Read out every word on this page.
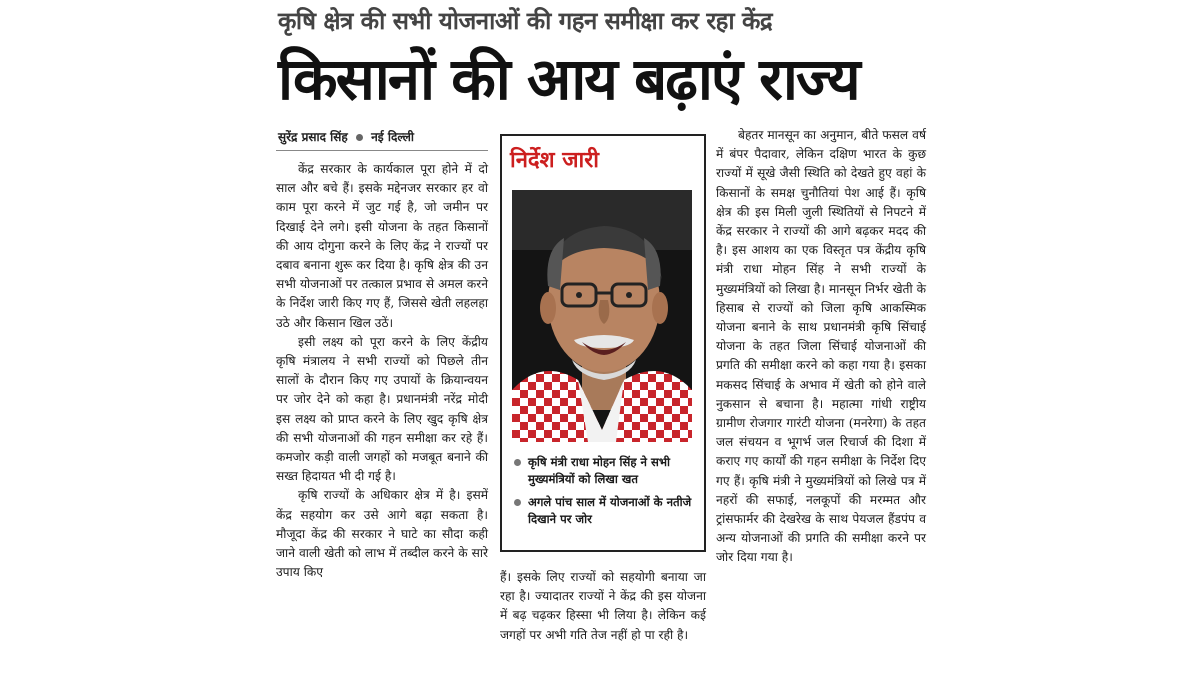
कृषि क्षेत्र की सभी योजनाओं की गहन समीक्षा कर रहा केंद्र
किसानों की आय बढ़ाएं राज्य
सुरेंद्र प्रसाद सिंह नई दिल्ली

केंद्र सरकार के कार्यकाल पूरा होने में दो साल और बचे हैं। इसके मद्देनजर सरकार हर वो काम पूरा करने में जुट गई है, जो जमीन पर दिखाई देने लगे। इसी योजना के तहत किसानों की आय दोगुना करने के लिए केंद्र ने राज्यों पर दबाव बनाना शुरू कर दिया है। कृषि क्षेत्र की उन सभी योजनाओं पर तत्काल प्रभाव से अमल करने के निर्देश जारी किए गए हैं, जिससे खेती लहलहा उठे और किसान खिल उठें।

इसी लक्ष्य को पूरा करने के लिए केंद्रीय कृषि मंत्रालय ने सभी राज्यों को पिछले तीन सालों के दौरान किए गए उपायों के क्रियान्वयन पर जोर देने को कहा है। प्रधानमंत्री नरेंद्र मोदी इस लक्ष्य को प्राप्त करने के लिए खुद कृषि क्षेत्र की सभी योजनाओं की गहन समीक्षा कर रहे हैं। कमजोर कड़ी वाली जगहों को मजबूत बनाने की सख्त हिदायत भी दी गई है।

कृषि राज्यों के अधिकार क्षेत्र में है। इसमें केंद्र सहयोग कर उसे आगे बढ़ा सकता है। मौजूदा केंद्र की सरकार ने घाटे का सौदा कही जाने वाली खेती को लाभ में तब्दील करने के सारे उपाय किए

निर्देश जारी
कृषि मंत्री राधा मोहन सिंह ने सभी मुख्यमंत्रियों को लिखा खत
अगले पांच साल में योजनाओं के नतीजे दिखाने पर जोर

हैं। इसके लिए राज्यों को सहयोगी बनाया जा रहा है। ज्यादातर राज्यों ने केंद्र की इस योजना में बढ़ चढ़कर हिस्सा भी लिया है। लेकिन कई जगहों पर अभी गति तेज नहीं हो पा रही है।

बेहतर मानसून का अनुमान, बीते फसल वर्ष में बंपर पैदावार, लेकिन दक्षिण भारत के कुछ राज्यों में सूखे जैसी स्थिति को देखते हुए वहां के किसानों के समक्ष चुनौतियां पेश आई हैं। कृषि क्षेत्र की इस मिली जुली स्थितियों से निपटने में केंद्र सरकार ने राज्यों की आगे बढ़कर मदद की है। इस आशय का एक विस्तृत पत्र केंद्रीय कृषि मंत्री राधा मोहन सिंह ने सभी राज्यों के मुख्यमंत्रियों को लिखा है। मानसून निर्भर खेती के हिसाब से राज्यों को जिला कृषि आकस्मिक योजना बनाने के साथ प्रधानमंत्री कृषि सिंचाई योजना के तहत जिला सिंचाई योजनाओं की प्रगति की समीक्षा करने को कहा गया है। इसका मकसद सिंचाई के अभाव में खेती को होने वाले नुकसान से बचाना है। महात्मा गांधी राष्ट्रीय ग्रामीण रोजगार गारंटी योजना (मनरेगा) के तहत जल संचयन व भूगर्भ जल रिचार्ज की दिशा में कराए गए कार्यों की गहन समीक्षा के निर्देश दिए गए हैं। कृषि मंत्री ने मुख्यमंत्रियों को लिखे पत्र में नहरों की सफाई, नलकूपों की मरम्मत और ट्रांसफार्मर की देखरेख के साथ पेयजल हैंडपंप व अन्य योजनाओं की प्रगति की समीक्षा करने पर जोर दिया गया है।
